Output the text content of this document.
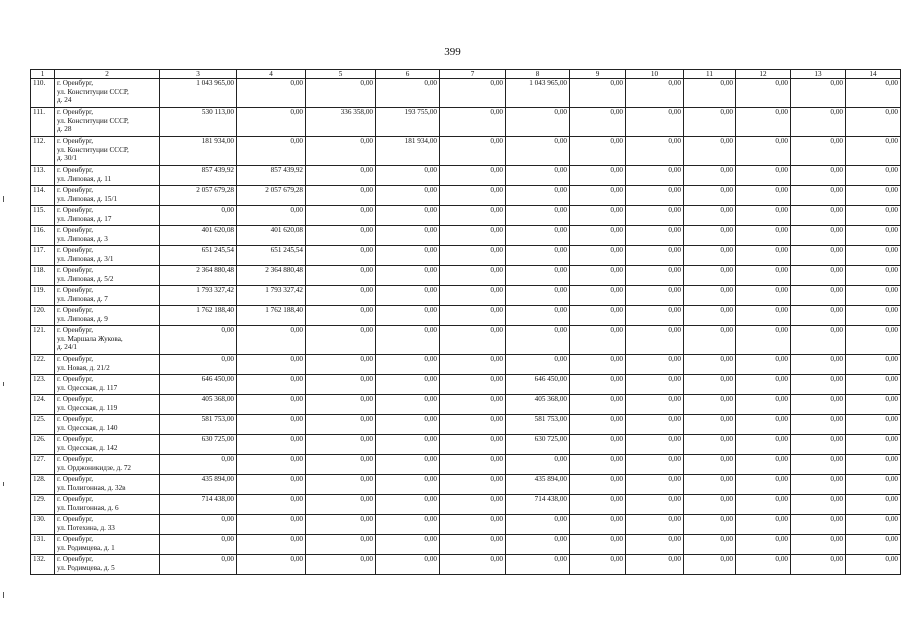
399
1	2	3	4	5	6	7	8	9	10	11	12	13	14
110.	г. Оренбург,
ул. Конституции СССР,
д. 24	1 043 965,00	0,00	0,00	0,00	0,00	1 043 965,00	0,00	0,00	0,00	0,00	0,00	0,00
111.	г. Оренбург,
ул. Конституции СССР,
д. 28	530 113,00	0,00	336 358,00	193 755,00	0,00	0,00	0,00	0,00	0,00	0,00	0,00	0,00
112.	г. Оренбург,
ул. Конституции СССР,
д. 30/1	181 934,00	0,00	0,00	181 934,00	0,00	0,00	0,00	0,00	0,00	0,00	0,00	0,00
113.	г. Оренбург,
ул. Липовая, д. 11	857 439,92	857 439,92	0,00	0,00	0,00	0,00	0,00	0,00	0,00	0,00	0,00	0,00
114.	г. Оренбург,
ул. Липовая, д. 15/1	2 057 679,28	2 057 679,28	0,00	0,00	0,00	0,00	0,00	0,00	0,00	0,00	0,00	0,00
115.	г. Оренбург,
ул. Липовая, д. 17	0,00	0,00	0,00	0,00	0,00	0,00	0,00	0,00	0,00	0,00	0,00	0,00
116.	г. Оренбург,
ул. Липовая, д. 3	401 620,08	401 620,08	0,00	0,00	0,00	0,00	0,00	0,00	0,00	0,00	0,00	0,00
117.	г. Оренбург,
ул. Липовая, д. 3/1	651 245,54	651 245,54	0,00	0,00	0,00	0,00	0,00	0,00	0,00	0,00	0,00	0,00
118.	г. Оренбург,
ул. Липовая, д. 5/2	2 364 880,48	2 364 880,48	0,00	0,00	0,00	0,00	0,00	0,00	0,00	0,00	0,00	0,00
119.	г. Оренбург,
ул. Липовая, д. 7	1 793 327,42	1 793 327,42	0,00	0,00	0,00	0,00	0,00	0,00	0,00	0,00	0,00	0,00
120.	г. Оренбург,
ул. Липовая, д. 9	1 762 188,40	1 762 188,40	0,00	0,00	0,00	0,00	0,00	0,00	0,00	0,00	0,00	0,00
121.	г. Оренбург,
ул. Маршала Жукова,
д. 24/1	0,00	0,00	0,00	0,00	0,00	0,00	0,00	0,00	0,00	0,00	0,00	0,00
122.	г. Оренбург,
ул. Новая, д. 21/2	0,00	0,00	0,00	0,00	0,00	0,00	0,00	0,00	0,00	0,00	0,00	0,00
123.	г. Оренбург,
ул. Одесская, д. 117	646 450,00	0,00	0,00	0,00	0,00	646 450,00	0,00	0,00	0,00	0,00	0,00	0,00
124.	г. Оренбург,
ул. Одесская, д. 119	405 368,00	0,00	0,00	0,00	0,00	405 368,00	0,00	0,00	0,00	0,00	0,00	0,00
125.	г. Оренбург,
ул. Одесская, д. 140	581 753,00	0,00	0,00	0,00	0,00	581 753,00	0,00	0,00	0,00	0,00	0,00	0,00
126.	г. Оренбург,
ул. Одесская, д. 142	630 725,00	0,00	0,00	0,00	0,00	630 725,00	0,00	0,00	0,00	0,00	0,00	0,00
127.	г. Оренбург,
ул. Орджоникидзе, д. 72	0,00	0,00	0,00	0,00	0,00	0,00	0,00	0,00	0,00	0,00	0,00	0,00
128.	г. Оренбург,
ул. Полигонная, д. 32в	435 894,00	0,00	0,00	0,00	0,00	435 894,00	0,00	0,00	0,00	0,00	0,00	0,00
129.	г. Оренбург,
ул. Полигонная, д. 6	714 438,00	0,00	0,00	0,00	0,00	714 438,00	0,00	0,00	0,00	0,00	0,00	0,00
130.	г. Оренбург,
ул. Потехина, д. 33	0,00	0,00	0,00	0,00	0,00	0,00	0,00	0,00	0,00	0,00	0,00	0,00
131.	г. Оренбург,
ул. Родимцева, д. 1	0,00	0,00	0,00	0,00	0,00	0,00	0,00	0,00	0,00	0,00	0,00	0,00
132.	г. Оренбург,
ул. Родимцева, д. 5	0,00	0,00	0,00	0,00	0,00	0,00	0,00	0,00	0,00	0,00	0,00	0,00
